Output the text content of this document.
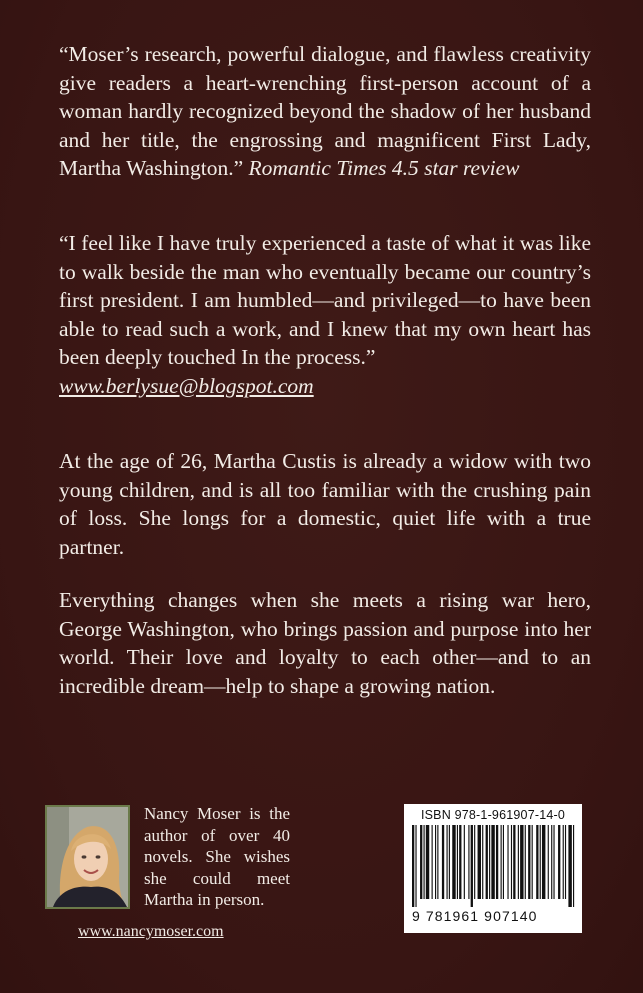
“Moser’s research, powerful dialogue, and flawless creativity give readers a heart-wrenching first-person account of a woman hardly recognized beyond the shadow of her husband and her title, the engrossing and magnificent First Lady, Martha Washington.” Romantic Times 4.5 star review

“I feel like I have truly experienced a taste of what it was like to walk beside the man who eventually became our country’s first president. I am humbled—and privileged—to have been able to read such a work, and I knew that my own heart has been deeply touched In the process.”
www.berlysue@blogspot.com

At the age of 26, Martha Custis is already a widow with two young children, and is all too familiar with the crushing pain of loss. She longs for a domestic, quiet life with a true partner.

Everything changes when she meets a rising war hero, George Washington, who brings passion and purpose into her world. Their love and loyalty to each other—and to an incredible dream—help to shape a growing nation.

Nancy Moser is the author of over 40 novels. She wishes she could meet Martha in person.

www.nancymoser.com

ISBN 978-1-961907-14-0

9 781961 907140
